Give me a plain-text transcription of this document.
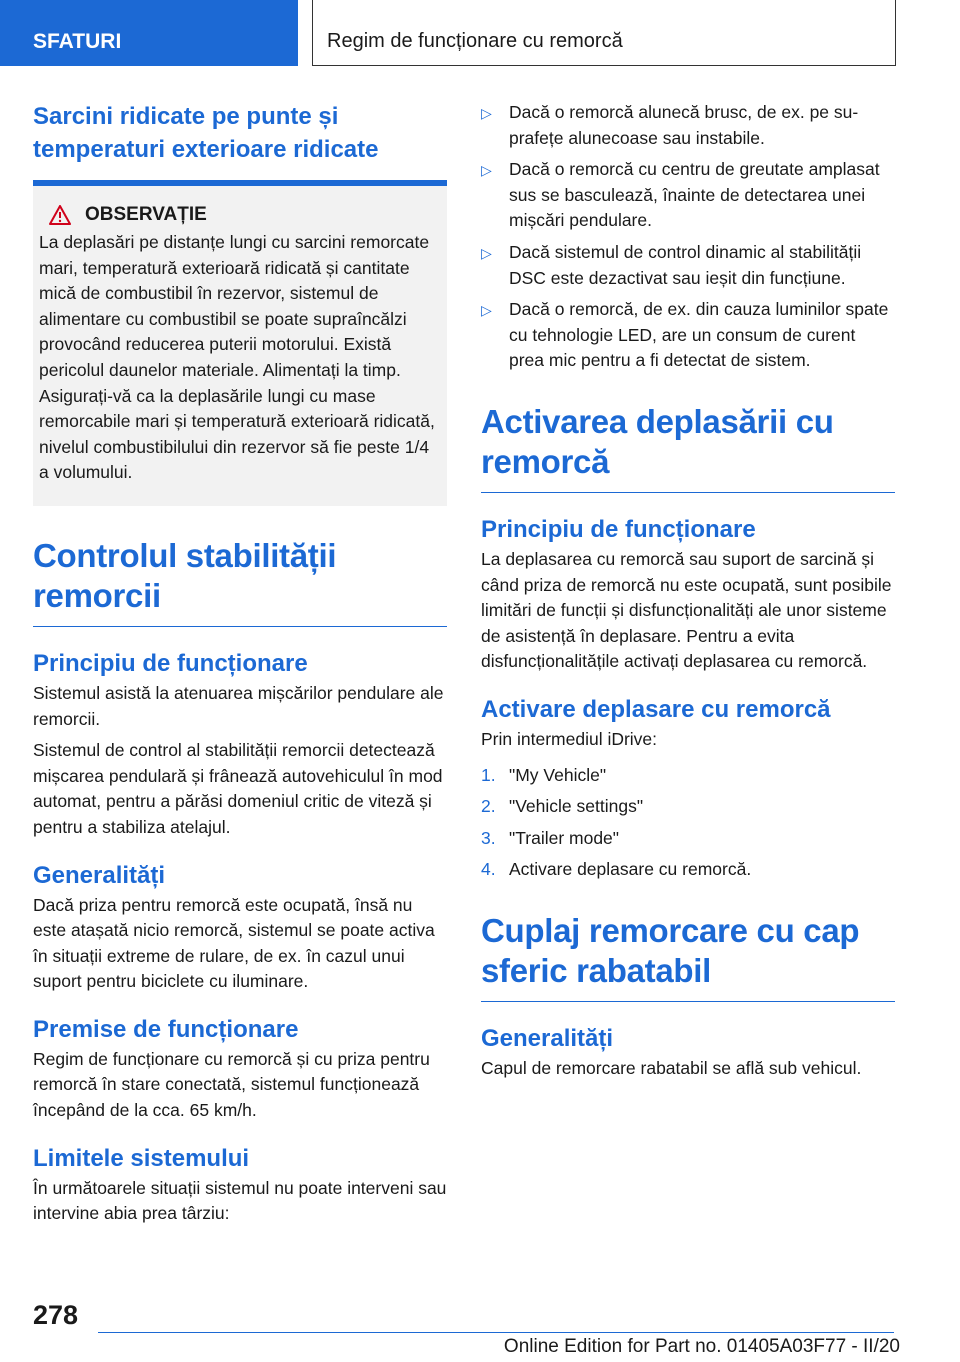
SFATURI	Regim de funcționare cu remorcă
Sarcini ridicate pe punte și temperaturi exterioare ridicate
OBSERVAȚIE

La deplasări pe distanțe lungi cu sarcini remorcate mari, temperatură exterioară ridicată și cantitate mică de combustibil în rezervor, sistemul de alimentare cu combustibil se poate supraîncălzi provocând reducerea puterii motorului. Există pericolul daunelor materiale. Alimentați la timp. Asigurați-vă ca la deplasările lungi cu mase remorcabile mari și temperatură exterioară ridicată, nivelul combustibilului din rezervor să fie peste 1/4 a volumului.

Controlul stabilității remorcii
Principiu de funcționare

Sistemul asistă la atenuarea mișcărilor pendulare ale remorcii.

Sistemul de control al stabilității remorcii detectează mișcarea pendulară și frânează autovehiculul în mod automat, pentru a părăsi domeniul critic de viteză și pentru a stabiliza atelajul.

Generalități

Dacă priza pentru remorcă este ocupată, însă nu este atașată nicio remorcă, sistemul se poate activa în situații extreme de rulare, de ex. în cazul unui suport pentru biciclete cu iluminare.

Premise de funcționare

Regim de funcționare cu remorcă și cu priza pentru remorcă în stare conectată, sistemul funcționează începând de la cca. 65 km/h.

Limitele sistemului

În următoarele situații sistemul nu poate interveni sau intervine abia prea târziu:

▷ Dacă o remorcă alunecă brusc, de ex. pe suprafețe alunecoase sau instabile.
▷ Dacă o remorcă cu centru de greutate amplasat sus se basculează, înainte de detectarea unei mișcări pendulare.
▷ Dacă sistemul de control dinamic al stabilității DSC este dezactivat sau ieșit din funcțiune.
▷ Dacă o remorcă, de ex. din cauza luminilor spate cu tehnologie LED, are un consum de curent prea mic pentru a fi detectat de sistem.
Activarea deplasării cu remorcă
Principiu de funcționare

La deplasarea cu remorcă sau suport de sarcină și când priza de remorcă nu este ocupată, sunt posibile limitări de funcții și disfuncționalități ale unor sisteme de asistență în deplasare. Pentru a evita disfuncționalitățile activați deplasarea cu remorcă.

Activare deplasare cu remorcă

Prin intermediul iDrive:

1. "My Vehicle"
2. "Vehicle settings"
3. "Trailer mode"
4. Activare deplasare cu remorcă.
Cuplaj remorcare cu cap sferic rabatabil
Generalități

Capul de remorcare rabatabil se află sub vehicul.

278
Online Edition for Part no. 01405A03F77 - II/20
